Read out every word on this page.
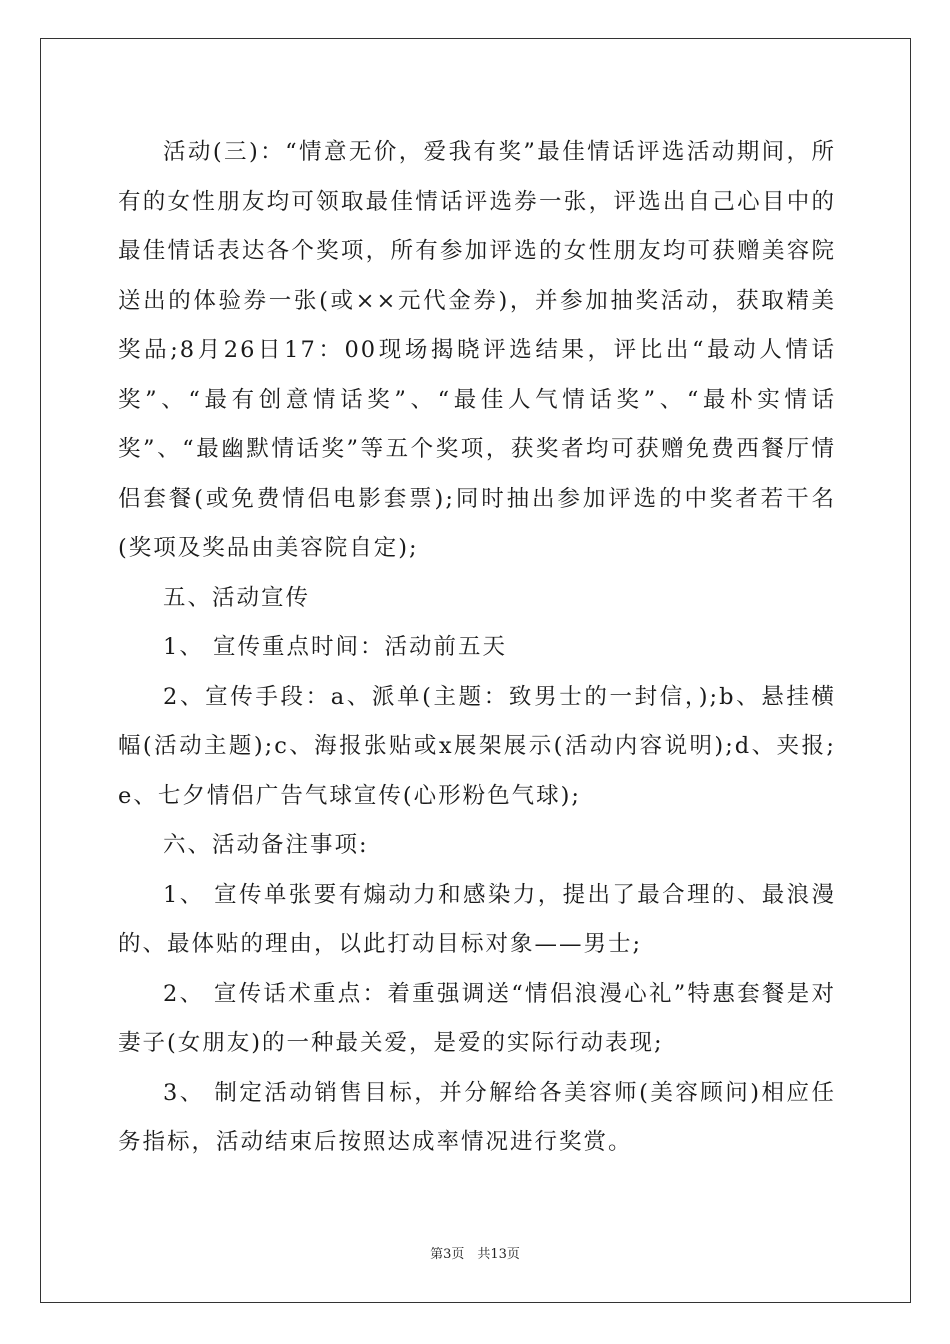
活动(三)：“情意无价，爱我有奖”最佳情话评选活动期间，所有的女性朋友均可领取最佳情话评选券一张，评选出自己心目中的最佳情话表达各个奖项，所有参加评选的女性朋友均可获赠美容院送出的体验券一张(或××元代金券)，并参加抽奖活动，获取精美奖品;8月26日17：00现场揭晓评选结果，评比出“最动人情话奖”、“最有创意情话奖”、“最佳人气情话奖”、“最朴实情话奖”、“最幽默情话奖”等五个奖项，获奖者均可获赠免费西餐厅情侣套餐(或免费情侣电影套票);同时抽出参加评选的中奖者若干名(奖项及奖品由美容院自定);

五、活动宣传

1、 宣传重点时间：活动前五天

2、宣传手段：a、派单(主题：致男士的一封信，);b、悬挂横幅(活动主题);c、海报张贴或x展架展示(活动内容说明);d、夹报;e、七夕情侣广告气球宣传(心形粉色气球);

六、活动备注事项:

1、 宣传单张要有煽动力和感染力，提出了最合理的、最浪漫的、最体贴的理由，以此打动目标对象——男士;

2、 宣传话术重点：着重强调送“情侣浪漫心礼”特惠套餐是对妻子(女朋友)的一种最关爱，是爱的实际行动表现;

3、 制定活动销售目标，并分解给各美容师(美容顾问)相应任务指标，活动结束后按照达成率情况进行奖赏。

第3页　共13页
